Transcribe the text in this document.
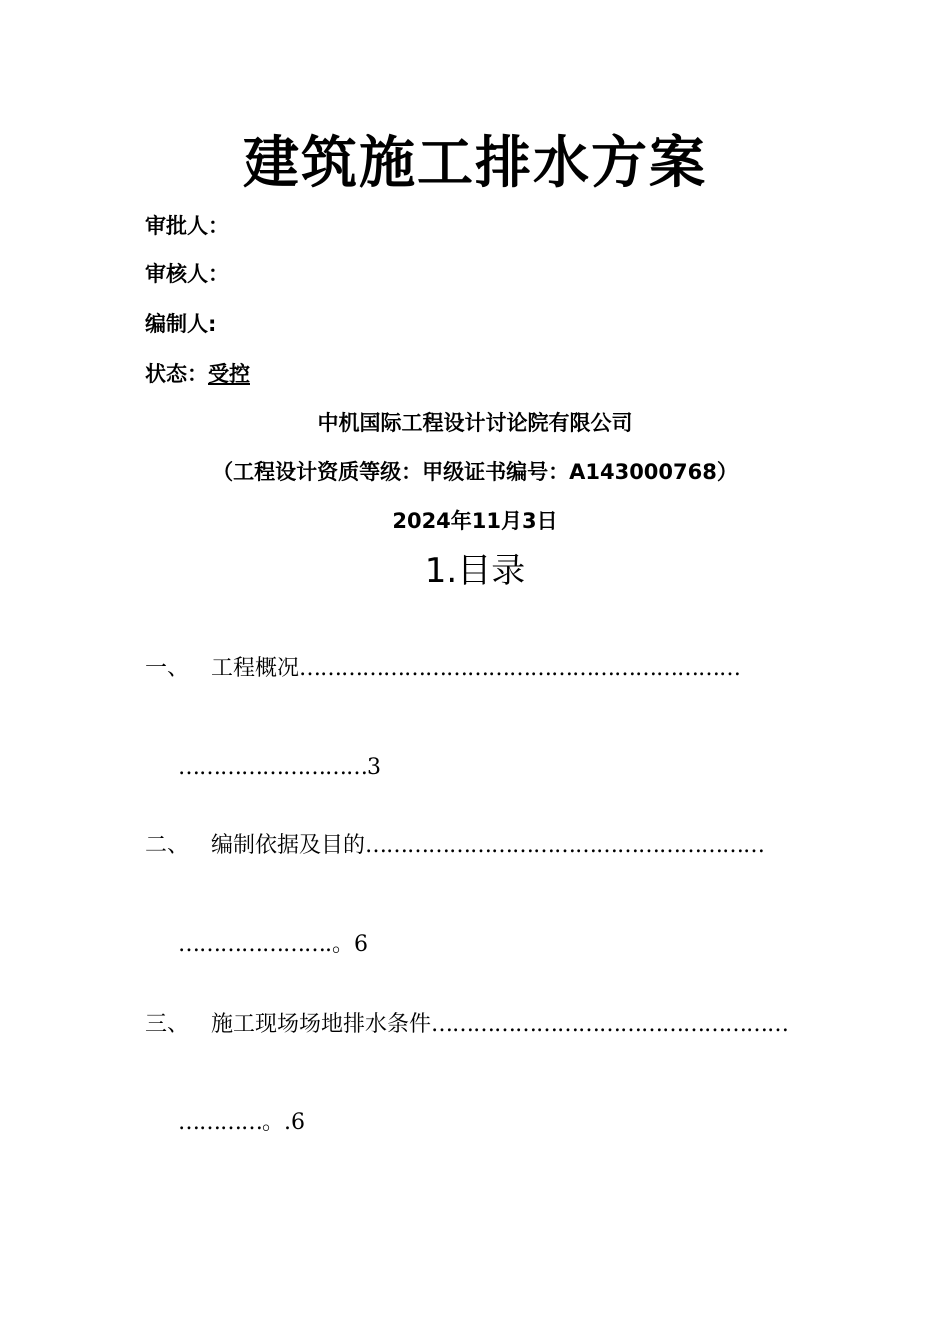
建筑施工排水方案
审批人：
审核人：
编制人:
状态：受控
中机国际工程设计讨论院有限公司
（工程设计资质等级：甲级证书编号：A143000768）
2024年11月3日
1.目录
一、 工程概况………………………………………………………
………………………3
二、 编制依据及目的…………………………………………………
………………….。6
三、 施工现场场地排水条件……………………………………………
…………。.6
